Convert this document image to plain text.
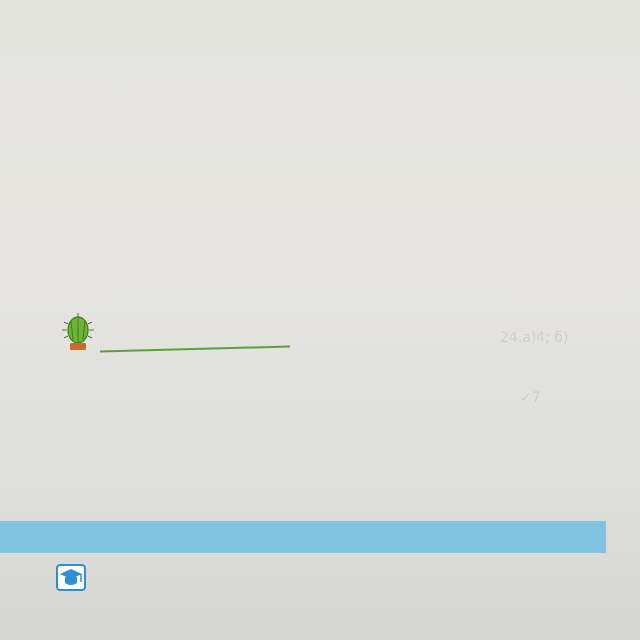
24.а)4; б)
✓7
